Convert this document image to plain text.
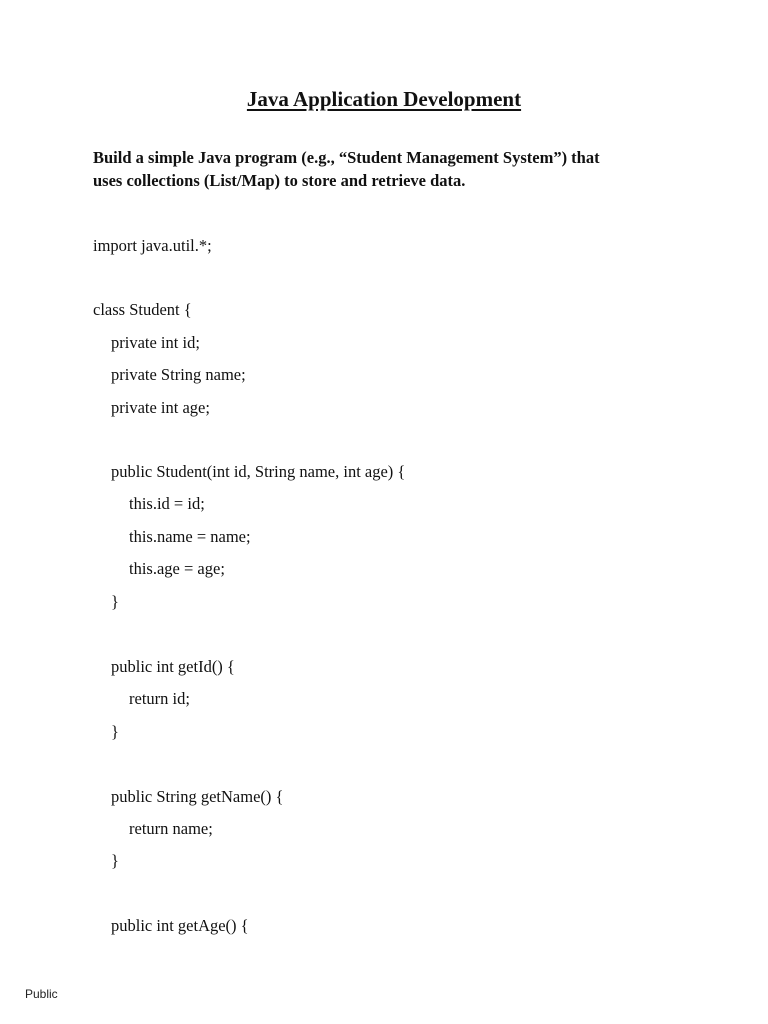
Java Application Development

Build a simple Java program (e.g., “Student Management System”) that
uses collections (List/Map) to store and retrieve data.

import java.util.*;
class Student {
private int id;
private String name;
private int age;
public Student(int id, String name, int age) {
this.id = id;
this.name = name;
this.age = age;
}
public int getId() {
return id;
}
public String getName() {
return name;
}
public int getAge() {
Public
